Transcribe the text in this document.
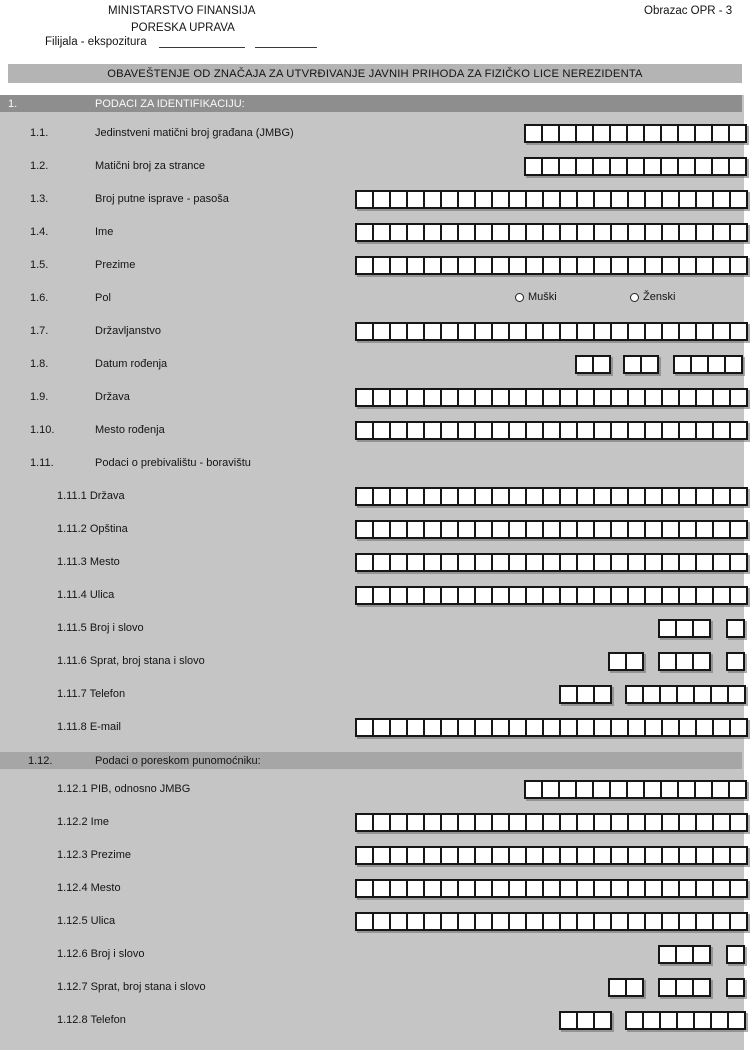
MINISTARSTVO FINANSIJA
PORESKA UPRAVA
Obrazac OPR - 3
Filijala - ekspozitura
OBAVEŠTENJE OD ZNAČAJA ZA UTVRĐIVANJE JAVNIH PRIHODA ZA FIZIČKO LICE NEREZIDENTA
1.	PODACI ZA IDENTIFIKACIJU:
1.1.	Jedinstveni matični broj građana (JMBG)
1.2.	Matični broj za strance
1.3.	Broj putne isprave - pasoša
1.4.	Ime
1.5.	Prezime
1.6.	Pol	Muški	Ženski
1.7.	Državljanstvo
1.8.	Datum rođenja
1.9.	Država
1.10.	Mesto rođenja
1.11.	Podaci o prebivalištu - boravištu
1.11.1 Država
1.11.2 Opština
1.11.3 Mesto
1.11.4 Ulica
1.11.5 Broj i slovo
1.11.6 Sprat, broj stana i slovo
1.11.7 Telefon
1.11.8 E-mail
1.12.	Podaci o poreskom punomoćniku:
1.12.1 PIB, odnosno JMBG
1.12.2 Ime
1.12.3 Prezime
1.12.4 Mesto
1.12.5 Ulica
1.12.6 Broj i slovo
1.12.7 Sprat, broj stana i slovo
1.12.8 Telefon
